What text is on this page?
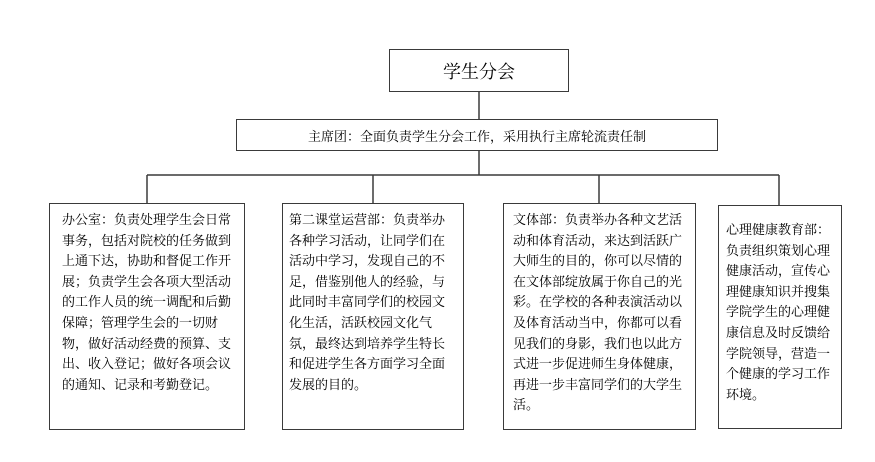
学生分会
主席团：全面负责学生分会工作，采用执行主席轮流责任制
办公室：负责处理学生会日常事务，包括对院校的任务做到上通下达，协助和督促工作开展；负责学生会各项大型活动的工作人员的统一调配和后勤保障；管理学生会的一切财物，做好活动经费的预算、支出、收入登记；做好各项会议的通知、记录和考勤登记。
第二课堂运营部：负责举办各种学习活动，让同学们在活动中学习，发现自己的不足，借鉴别他人的经验，与此同时丰富同学们的校园文化生活，活跃校园文化气氛，最终达到培养学生特长和促进学生各方面学习全面发展的目的。
文体部：负责举办各种文艺活动和体育活动，来达到活跃广大师生的目的，你可以尽情的在文体部绽放属于你自己的光彩。在学校的各种表演活动以及体育活动当中，你都可以看见我们的身影，我们也以此方式进一步促进师生身体健康，再进一步丰富同学们的大学生活。
心理健康教育部：负责组织策划心理健康活动，宣传心理健康知识并搜集学院学生的心理健康信息及时反馈给学院领导，营造一个健康的学习工作环境。
